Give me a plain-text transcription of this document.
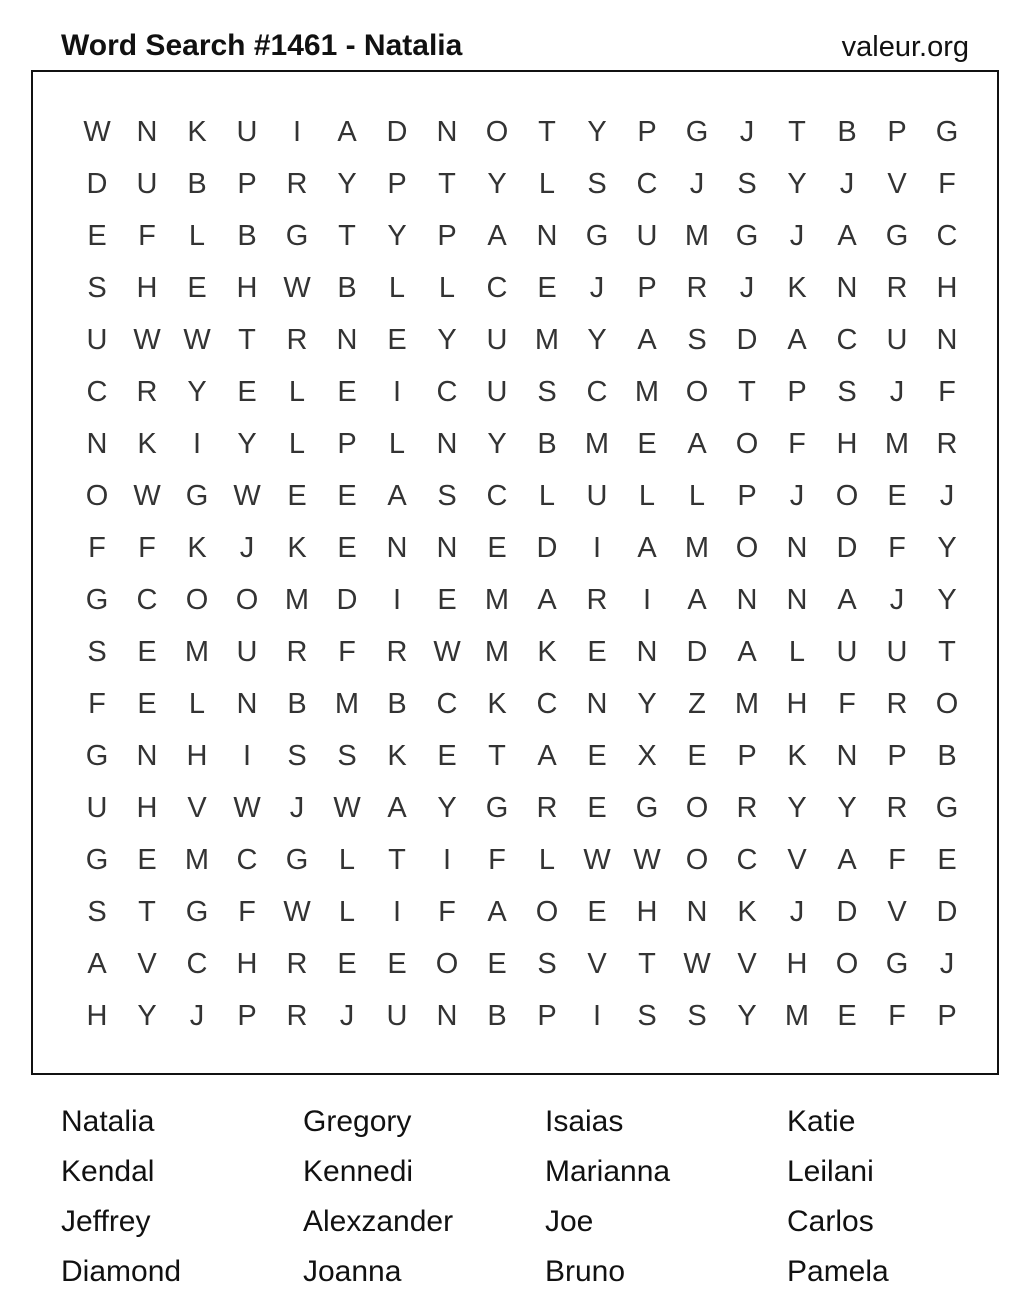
Word Search #1461 - Natalia	valeur.org
W N	K	U	I	A	D	N O	T	Y	P	G	J	T	B	P	G
D	U	B	P	R	Y	P	T	Y	L	S	C	J	S	Y	J	V	F
E	F	L	B	G	T	Y	P	A	N G U M G	J	A	G C
S	H	E	H W B	L	L	C	E	J	P	R	J	K	N	R	H
U W W T	R	N	E	Y	U M Y	A	S	D	A	C	U	N
C	R	Y	E	L	E	I	C	U	S	C M O	T	P	S	J	F
N	K	I	Y	L	P	L	N	Y	B M E	A	O	F	H M R
O W G W E	E	A	S	C	L	U	L	L	P	J	O	E	J
F	F	K	J	K	E	N	N	E	D	I	A M O N	D	F	Y
G C O O M D	I	E M A	R	I	A	N	N	A	J	Y
S	E M U	R	F	R W M K	E	N	D	A	L	U	U	T
F	E	L	N	B M B	C	K	C	N	Y	Z	M H	F	R O
G N	H	I	S	S	K	E	T	A	E	X	E	P	K	N	P	B
U	H	V W	J	W A	Y	G R	E	G O R	Y	Y	R G
G	E M C G	L	T	I	F	L W W O C	V	A	F	E
S	T	G	F W L	I	F	A	O	E	H	N	K	J	D	V	D
A	V	C	H	R	E	E	O	E	S	V	T W V	H O G	J
H	Y	J	P	R	J	U	N	B	P	I	S	S	Y M E	F	P
Natalia	Gregory	Isaias	Katie
Kendal	Kennedi	Marianna	Leilani
Jeffrey	Alexzander	Joe	Carlos
Diamond	Joanna	Bruno	Pamela
